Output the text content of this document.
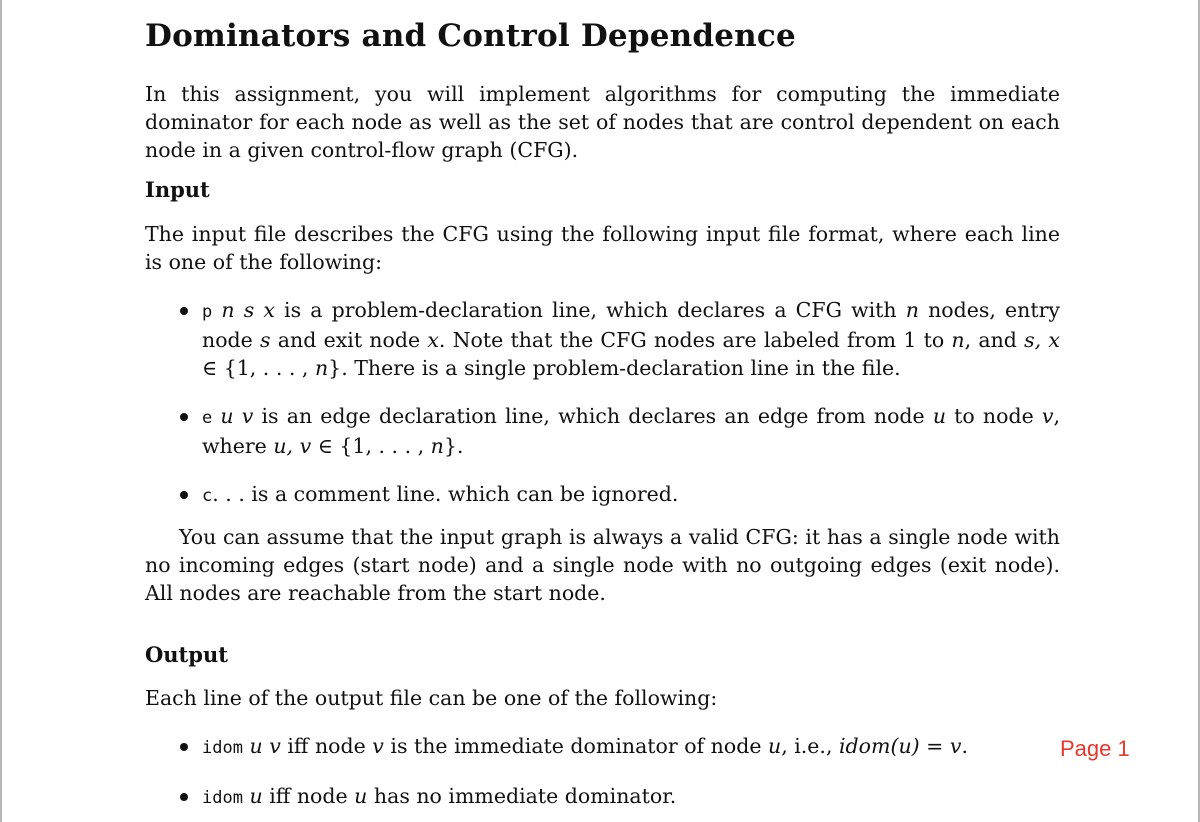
Dominators and Control Dependence

In this assignment, you will implement algorithms for computing the immediate dominator for each node as well as the set of nodes that are control dependent on each node in a given control-flow graph (CFG).

Input

The input file describes the CFG using the following input file format, where each line is one of the following:

p n s x is a problem-declaration line, which declares a CFG with n nodes, entry node s and exit node x. Note that the CFG nodes are labeled from 1 to n, and s, x ∈ {1, . . . , n}. There is a single problem-declaration line in the file.
e u v is an edge declaration line, which declares an edge from node u to node v, where u, v ∈ {1, . . . , n}.
c. . . is a comment line. which can be ignored.

You can assume that the input graph is always a valid CFG: it has a single node with no incoming edges (start node) and a single node with no outgoing edges (exit node). All nodes are reachable from the start node.

Output

Each line of the output file can be one of the following:

idom u v iff node v is the immediate dominator of node u, i.e., idom(u) = v.
idom u iff node u has no immediate dominator.
Page 1
